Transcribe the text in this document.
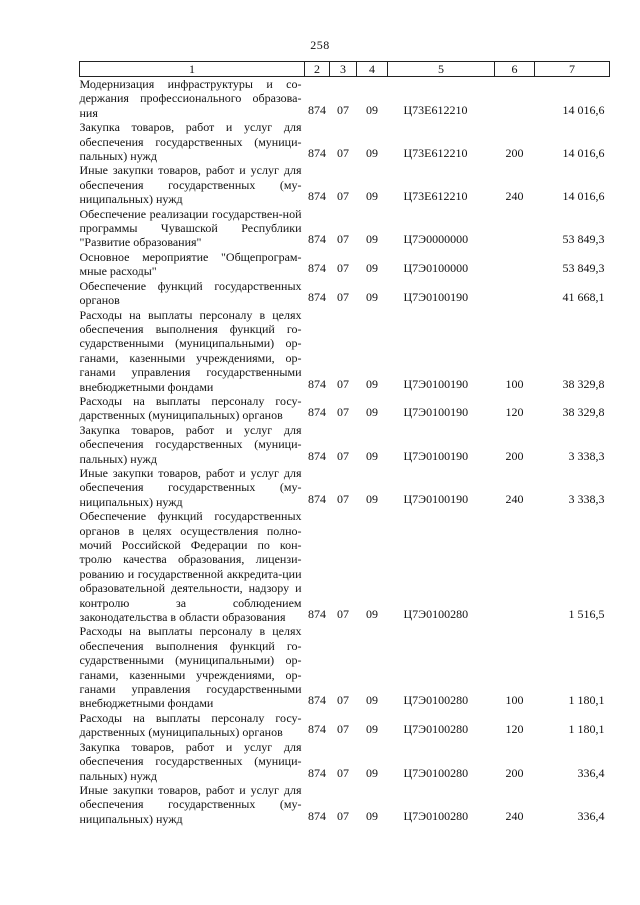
258
1	2	3	4	5	6	7
Модернизация инфраструктуры и со-держания профессионального образова-ния	874	07	09	Ц73Е612210		14 016,6
Закупка товаров, работ и услуг для обеспечения государственных (муници-пальных) нужд	874	07	09	Ц73Е612210	200	14 016,6
Иные закупки товаров, работ и услуг для обеспечения государственных (му-ниципальных) нужд	874	07	09	Ц73Е612210	240	14 016,6
Обеспечение реализации государствен-ной программы Чувашской Республики "Развитие образования"	874	07	09	Ц7Э0000000		53 849,3
Основное мероприятие "Общепрограм-мные расходы"	874	07	09	Ц7Э0100000		53 849,3
Обеспечение функций государственных органов	874	07	09	Ц7Э0100190		41 668,1
Расходы на выплаты персоналу в целях обеспечения выполнения функций го-сударственными (муниципальными) ор-ганами, казенными учреждениями, ор-ганами управления государственными внебюджетными фондами	874	07	09	Ц7Э0100190	100	38 329,8
Расходы на выплаты персоналу госу-дарственных (муниципальных) органов	874	07	09	Ц7Э0100190	120	38 329,8
Закупка товаров, работ и услуг для обеспечения государственных (муници-пальных) нужд	874	07	09	Ц7Э0100190	200	3 338,3
Иные закупки товаров, работ и услуг для обеспечения государственных (му-ниципальных) нужд	874	07	09	Ц7Э0100190	240	3 338,3
Обеспечение функций государственных органов в целях осуществления полно-мочий Российской Федерации по кон-тролю качества образования, лицензи-рованию и государственной аккредита-ции образовательной деятельности, надзору и контролю за соблюдением законодательства в области образования	874	07	09	Ц7Э0100280		1 516,5
Расходы на выплаты персоналу в целях обеспечения выполнения функций го-сударственными (муниципальными) ор-ганами, казенными учреждениями, ор-ганами управления государственными внебюджетными фондами	874	07	09	Ц7Э0100280	100	1 180,1
Расходы на выплаты персоналу госу-дарственных (муниципальных) органов	874	07	09	Ц7Э0100280	120	1 180,1
Закупка товаров, работ и услуг для обеспечения государственных (муници-пальных) нужд	874	07	09	Ц7Э0100280	200	336,4
Иные закупки товаров, работ и услуг для обеспечения государственных (му-ниципальных) нужд	874	07	09	Ц7Э0100280	240	336,4
